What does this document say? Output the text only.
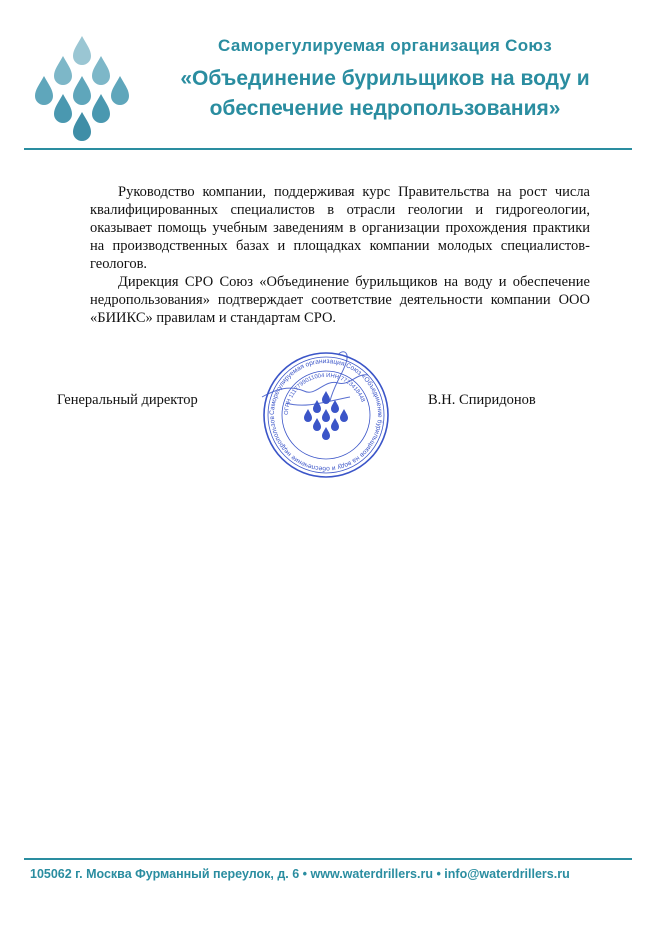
Саморегулируемая организация Союз
«Объединение бурильщиков на воду и
обеспечение недропользования»

Руководство компании, поддерживая курс Правительства на рост числа квалифицированных специалистов в отрасли геологии и гидрогеологии, оказывает помощь учебным заведениям в организации прохождения практики на производственных базах и площадках компании молодых специалистов-геологов.

Дирекция СРО Союз «Объединение бурильщиков на воду и обеспечение недропользования» подтверждает соответствие деятельности компании ООО «БИИКС» правилам и стандартам СРО.

Генеральный директор	В.Н. Спиридонов
Саморегулируемая организация Союз «Объединение бурильщиков на воду и обеспечение недропользов
ОГРН 1117799011004 ИНН 7723418448
105062 г. Москва Фурманный переулок, д. 6 • www.waterdrillers.ru • info@waterdrillers.ru
